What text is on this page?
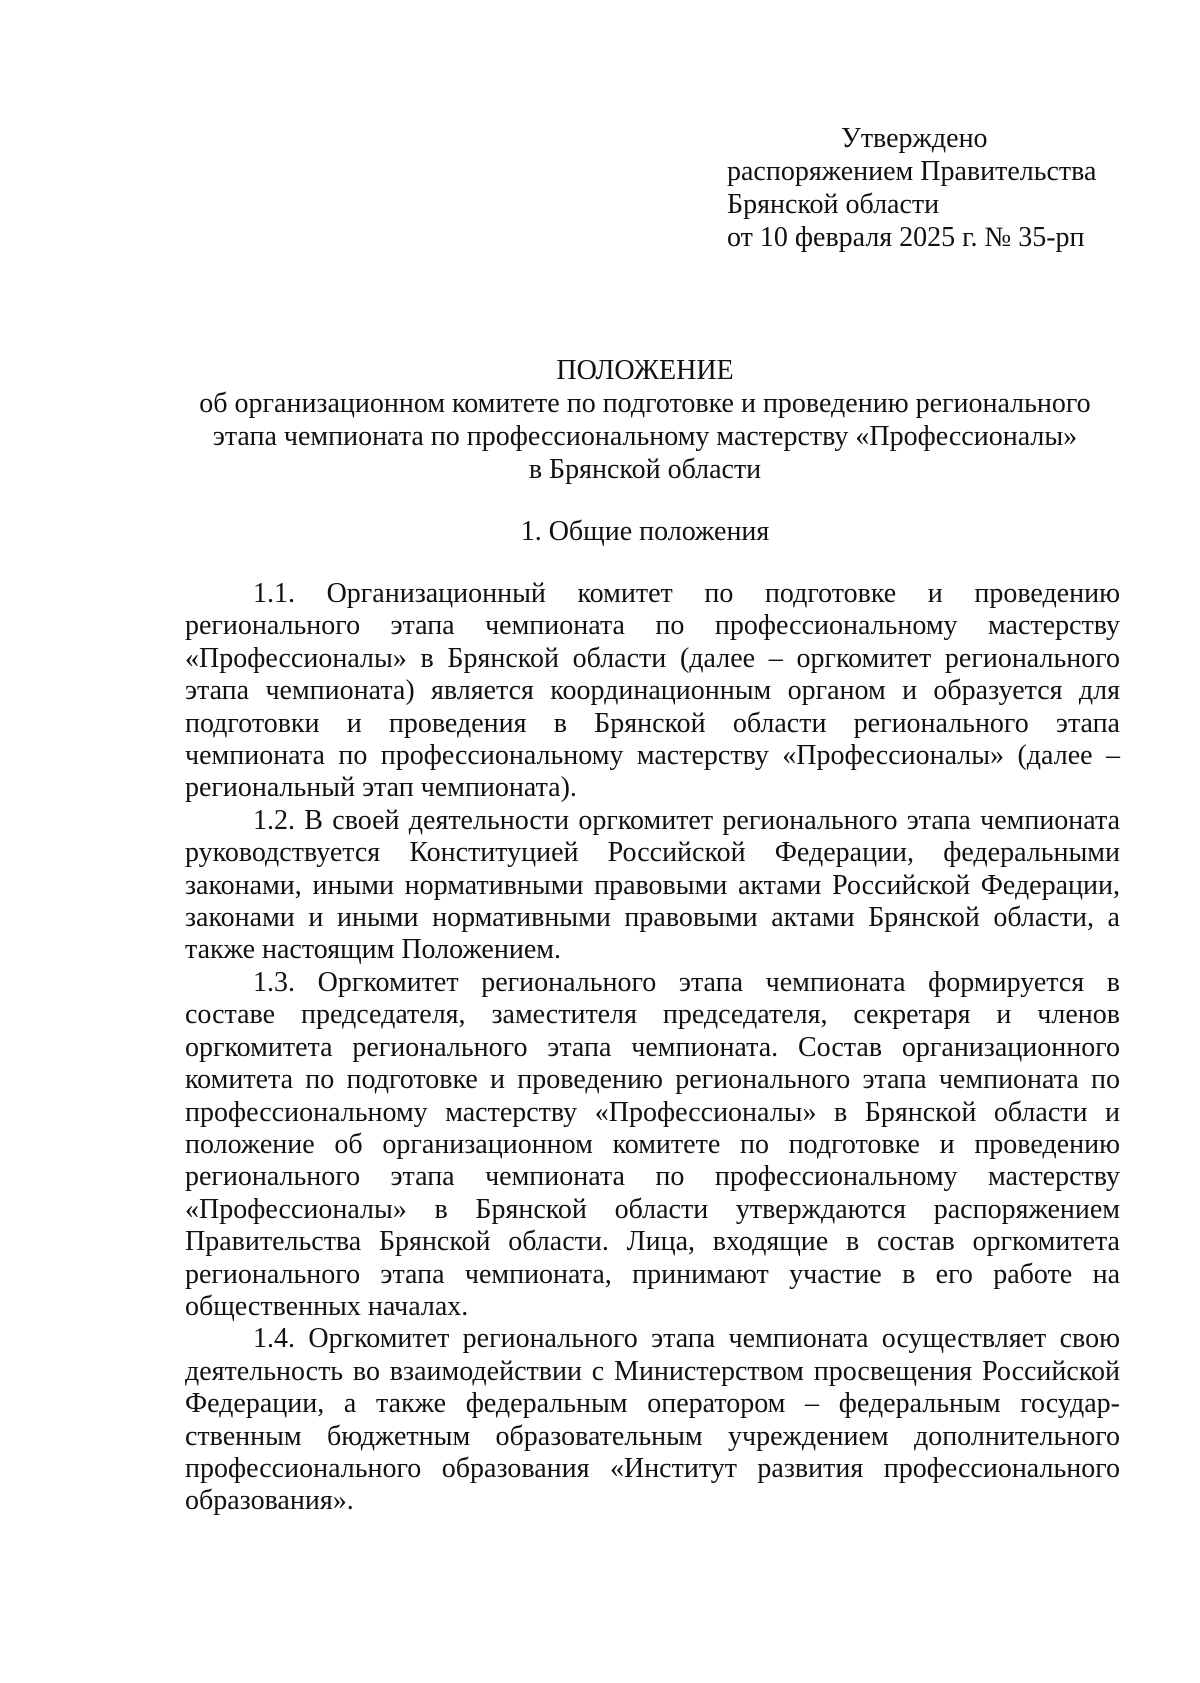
Утверждено
распоряжением Правительства
Брянской области
от 10 февраля 2025 г. № 35-рп
ПОЛОЖЕНИЕ
об организационном комитете по подготовке и проведению регионального
этапа чемпионата по профессиональному мастерству «Профессионалы»
в Брянской области
1. Общие положения

1.1. Организационный комитет по подготовке и проведению регионального этапа чемпионата по профессиональному мастерству «Профессионалы» в Брянской области (далее – оргкомитет регионального этапа чемпионата) является координационным органом и образуется для подготовки и проведения в Брянской области регионального этапа чемпионата по профессиональному мастерству «Профессионалы» (далее – региональный этап чемпионата).

1.2. В своей деятельности оргкомитет регионального этапа чемпионата руководствуется Конституцией Российской Федерации, федеральными законами, иными нормативными правовыми актами Российской Федерации, законами и иными нормативными правовыми актами Брянской области, а также настоящим Положением.

1.3. Оргкомитет регионального этапа чемпионата формируется в составе председателя, заместителя председателя, секретаря и членов оргкомитета регионального этапа чемпионата. Состав организационного комитета по подготовке и проведению регионального этапа чемпионата по профессиональному мастерству «Профессионалы» в Брянской области и положение об организационном комитете по подготовке и проведению регионального этапа чемпионата по профессиональному мастерству «Профессионалы» в Брянской области утверждаются распоряжением Правительства Брянской области. Лица, входящие в состав оргкомитета регионального этапа чемпионата, принимают участие в его работе на общественных началах.

1.4. Оргкомитет регионального этапа чемпионата осуществляет свою деятельность во взаимодействии с Министерством просвещения Российской Федерации, а также федеральным оператором – федеральным государ-ственным бюджетным образовательным учреждением дополнительного профессионального образования «Институт развития профессионального образования».
